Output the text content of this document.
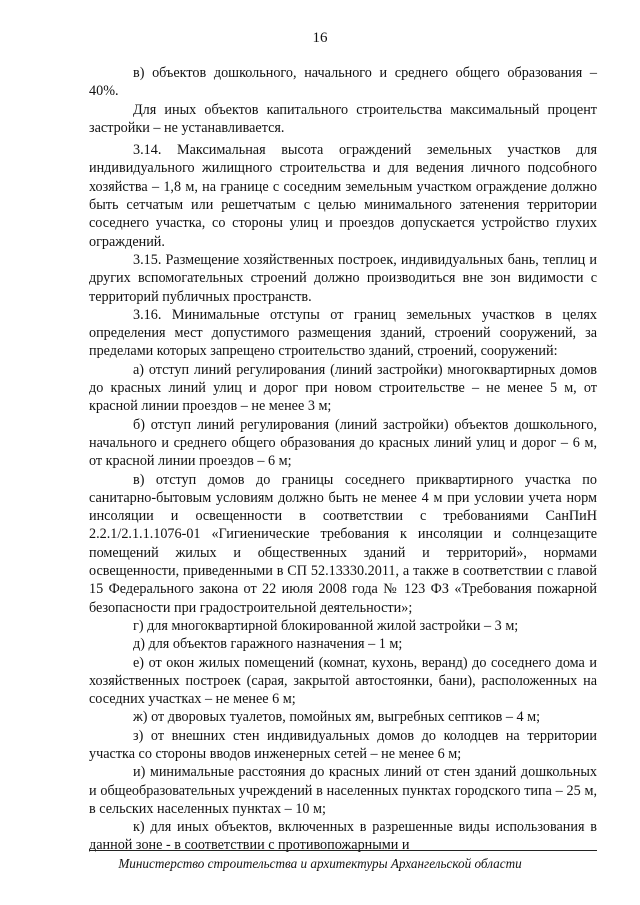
16

в) объектов дошкольного, начального и среднего общего образования – 40%.

Для иных объектов капитального строительства максимальный процент застройки – не устанавливается.

3.14. Максимальная высота ограждений земельных участков для индивидуального жилищного строительства и для ведения личного подсобного хозяйства – 1,8 м, на границе с соседним земельным участком ограждение должно быть сетчатым или решетчатым с целью минимального затенения территории соседнего участка, со стороны улиц и проездов допускается устройство глухих ограждений.

3.15. Размещение хозяйственных построек, индивидуальных бань, теплиц и других вспомогательных строений должно производиться вне зон видимости с территорий публичных пространств.

3.16. Минимальные отступы от границ земельных участков в целях определения мест допустимого размещения зданий, строений сооружений, за пределами которых запрещено строительство зданий, строений, сооружений:

а) отступ линий регулирования (линий застройки) многоквартирных домов до красных линий улиц и дорог при новом строительстве – не менее 5 м, от красной линии проездов – не менее 3 м;

б) отступ линий регулирования (линий застройки) объектов дошкольного, начального и среднего общего образования до красных линий улиц и дорог – 6 м, от красной линии проездов – 6 м;

в) отступ домов до границы соседнего приквартирного участка по санитарно-бытовым условиям должно быть не менее 4 м при условии учета норм инсоляции и освещенности в соответствии с требованиями СанПиН 2.2.1/2.1.1.1076-01 «Гигиенические требования к инсоляции и солнцезащите помещений жилых и общественных зданий и территорий», нормами освещенности, приведенными в СП 52.13330.2011, а также в соответствии с главой 15 Федерального закона от 22 июля 2008 года № 123 ФЗ «Требования пожарной безопасности при градостроительной деятельности»;

г) для многоквартирной блокированной жилой застройки – 3 м;

д) для объектов гаражного назначения – 1 м;

е) от окон жилых помещений (комнат, кухонь, веранд) до соседнего дома и хозяйственных построек (сарая, закрытой автостоянки, бани), расположенных на соседних участках – не менее 6 м;

ж) от дворовых туалетов, помойных ям, выгребных септиков – 4 м;

з) от внешних стен индивидуальных домов до колодцев на территории участка со стороны вводов инженерных сетей – не менее 6 м;

и) минимальные расстояния до красных линий от стен зданий дошкольных и общеобразовательных учреждений в населенных пунктах городского типа – 25 м, в сельских населенных пунктах – 10 м;

к) для иных объектов, включенных в разрешенные виды использования в данной зоне - в соответствии с противопожарными и

Министерство строительства и архитектуры Архангельской области
